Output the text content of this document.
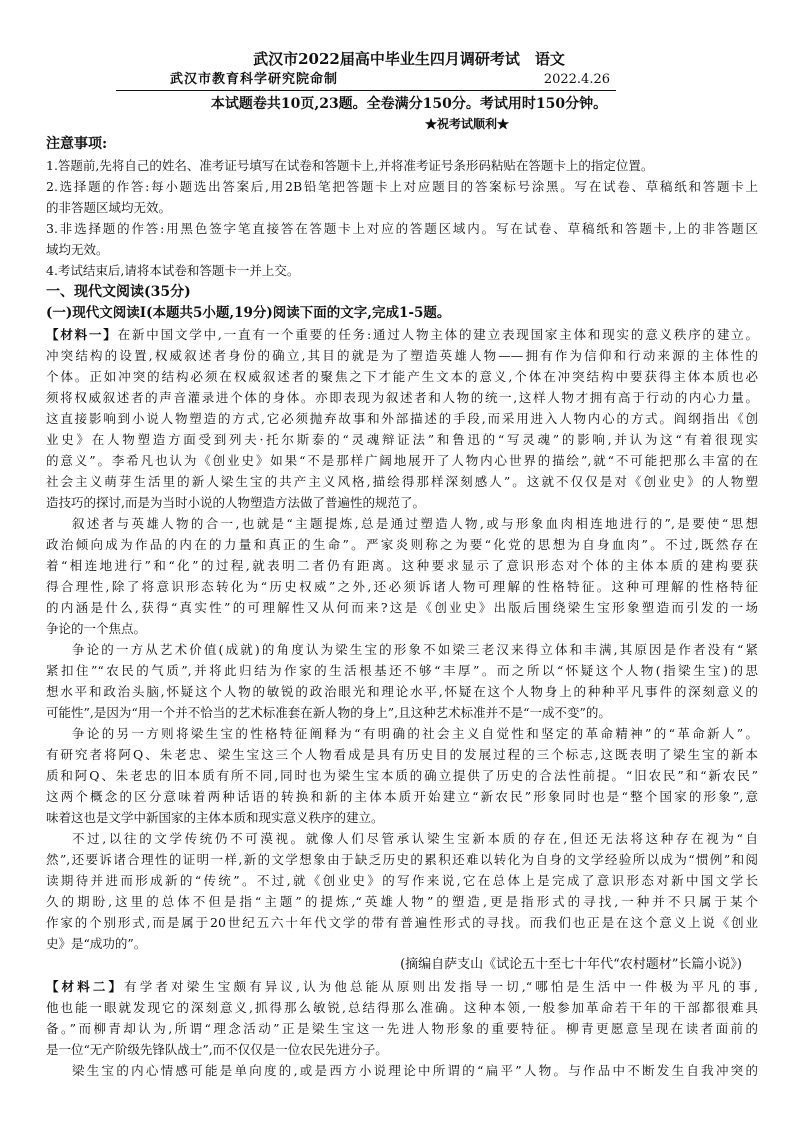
武汉市2022届高中毕业生四月调研考试　语文
武汉市教育科学研究院命制	2022.4.26
本试题卷共10页,23题。全卷满分150分。考试用时150分钟。
★祝考试顺利★
注意事项:
1.答题前,先将自己的姓名、准考证号填写在试卷和答题卡上,并将准考证号条形码粘贴在答题卡上的指定位置。
2.选择题的作答:每小题选出答案后,用2B铅笔把答题卡上对应题目的答案标号涂黑。写在试卷、草稿纸和答题卡上
的非答题区域均无效。
3.非选择题的作答:用黑色签字笔直接答在答题卡上对应的答题区域内。写在试卷、草稿纸和答题卡,上的非答题区
域均无效。
4.考试结束后,请将本试卷和答题卡一并上交。
一、现代文阅读(35分)
(一)现代文阅读Ⅰ(本题共5小题,19分)阅读下面的文字,完成1-5题。
【材料一】在新中国文学中,一直有一个重要的任务:通过人物主体的建立表现国家主体和现实的意义秩序的建立。
冲突结构的设置,权威叙述者身份的确立,其目的就是为了塑造英雄人物——拥有作为信仰和行动来源的主体性的
个体。正如冲突的结构必须在权威叙述者的聚焦之下才能产生文本的意义,个体在冲突结构中要获得主体本质也必
须将权威叙述者的声音灌录进个体的身体。亦即表现为叙述者和人物的统一,这样人物才拥有高于行动的内心力量。
这直接影响到小说人物塑造的方式,它必须抛弃故事和外部描述的手段,而采用进入人物内心的方式。阎纲指出《创
业史》在人物塑造方面受到列夫·托尔斯泰的“灵魂辩证法”和鲁迅的“写灵魂”的影响,并认为这“有着很现实
的意义”。李希凡也认为《创业史》如果“不是那样广阔地展开了人物内心世界的描绘”,就“不可能把那么丰富的在
社会主义萌芽生活里的新人梁生宝的共产主义风格,描绘得那样深刻感人”。这就不仅仅是对《创业史》的人物塑
造技巧的探讨,而是为当时小说的人物塑造方法做了普遍性的规范了。
叙述者与英雄人物的合一,也就是“主题提炼,总是通过塑造人物,或与形象血肉相连地进行的”,是要使“思想
政治倾向成为作品的内在的力量和真正的生命”。严家炎则称之为要“化党的思想为自身血肉”。不过,既然存在
着“相连地进行”和“化”的过程,就表明二者仍有距离。这种要求显示了意识形态对个体的主体本质的建构要获
得合理性,除了将意识形态转化为“历史权威”之外,还必须诉诸人物可理解的性格特征。这种可理解的性格特征
的内涵是什么,获得“真实性”的可理解性又从何而来?这是《创业史》出版后围绕梁生宝形象塑造而引发的一场
争论的一个焦点。
争论的一方从艺术价值(成就)的角度认为梁生宝的形象不如梁三老汉来得立体和丰满,其原因是作者没有“紧
紧扣住”“农民的气质”,并将此归结为作家的生活根基还不够“丰厚”。而之所以“怀疑这个人物(指梁生宝)的思
想水平和政治头脑,怀疑这个人物的敏锐的政治眼光和理论水平,怀疑在这个人物身上的种种平凡事件的深刻意义的
可能性”,是因为“用一个并不恰当的艺术标准套在新人物的身上”,且这种艺术标准并不是“一成不变”的。
争论的另一方则将梁生宝的性格特征阐释为“有明确的社会主义自觉性和坚定的革命精神”的“革命新人”。
有研究者将阿Q、朱老忠、梁生宝这三个人物看成是具有历史目的发展过程的三个标志,这既表明了梁生宝的新本
质和阿Q、朱老忠的旧本质有所不同,同时也为梁生宝本质的确立提供了历史的合法性前提。“旧农民”和“新农民”
这两个概念的区分意味着两种话语的转换和新的主体本质开始建立“新农民”形象同时也是“整个国家的形象”,意
味着这也是文学中新国家的主体本质和现实意义秩序的建立。
不过,以往的文学传统仍不可漠视。就像人们尽管承认梁生宝新本质的存在,但还无法将这种存在视为“自
然”,还要诉诸合理性的证明一样,新的文学想象由于缺乏历史的累积还难以转化为自身的文学经验所以成为“惯例”和阅
读期待并进而形成新的“传统”。不过,就《创业史》的写作来说,它在总体上是完成了意识形态对新中国文学长
久的期盼,这里的总体不但是指“主题”的提炼,“英雄人物”的塑造,更是指形式的寻找,一种并不只属于某个
作家的个别形式,而是属于20世纪五六十年代文学的带有普遍性形式的寻找。而我们也正是在这个意义上说《创业
史》是“成功的”。
(摘编自萨支山《试论五十至七十年代“农村题材”长篇小说》)
【材料二】有学者对梁生宝颇有异议,认为他总能从原则出发指导一切,“哪怕是生活中一件极为平凡的事,
他也能一眼就发现它的深刻意义,抓得那么敏锐,总结得那么准确。这种本领,一般参加革命若干年的干部都很难具
备。”而柳青却认为,所谓“理念活动”正是梁生宝这一先进人物形象的重要特征。柳青更愿意呈现在读者面前的
是一位“无产阶级先锋队战士”,而不仅仅是一位农民先进分子。
梁生宝的内心情感可能是单向度的,或是西方小说理论中所谓的“扁平”人物。与作品中不断发生自我冲突的
